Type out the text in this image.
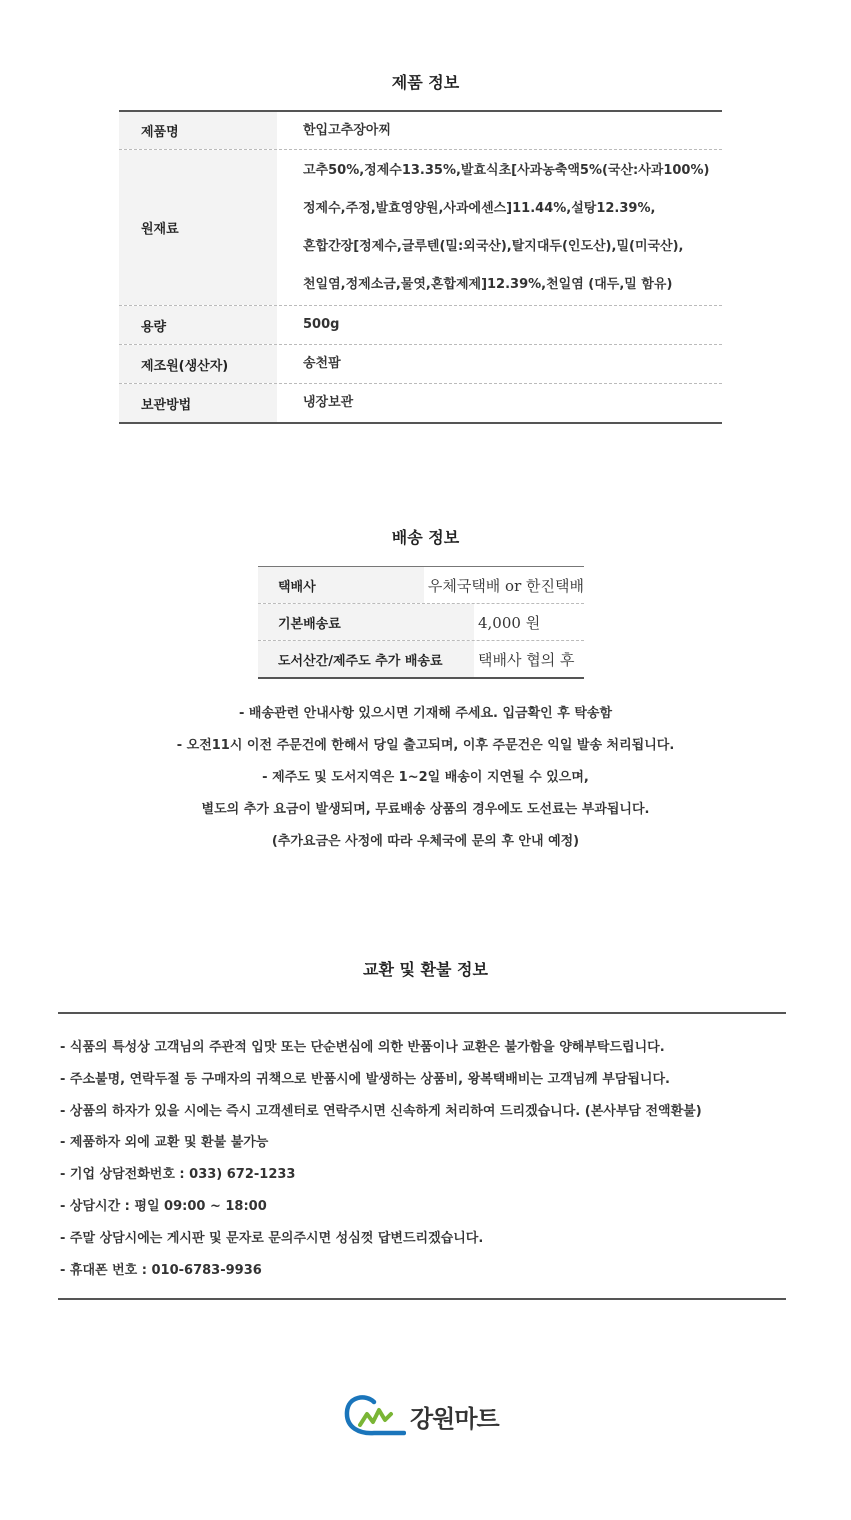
제품 정보
제품명	한입고추장아찌
원재료
고추50%,정제수13.35%,발효식초[사과농축액5%(국산:사과100%)
정제수,주정,발효영양원,사과에센스]11.44%,설탕12.39%,
혼합간장[정제수,글루텐(밀:외국산),탈지대두(인도산),밀(미국산),
천일염,정제소금,물엿,혼합제제]12.39%,천일염 (대두,밀 함유)
용량	500g
제조원(생산자)	송천팜
보관방법	냉장보관
배송 정보
택배사	우체국택배 or 한진택배
기본배송료	4,000 원
도서산간/제주도 추가 배송료	택배사 협의 후
- 배송관련 안내사항 있으시면 기재해 주세요. 입금확인 후 탁송함
- 오전11시 이전 주문건에 한해서 당일 출고되며, 이후 주문건은 익일 발송 처리됩니다.
- 제주도 및 도서지역은 1~2일 배송이 지연될 수 있으며,
별도의 추가 요금이 발생되며, 무료배송 상품의 경우에도 도선료는 부과됩니다.
(추가요금은 사정에 따라 우체국에 문의 후 안내 예정)
교환 및 환불 정보
- 식품의 특성상 고객님의 주관적 입맛 또는 단순변심에 의한 반품이나 교환은 불가함을 양해부탁드립니다.
- 주소불명, 연락두절 등 구매자의 귀책으로 반품시에 발생하는 상품비, 왕복택배비는 고객님께 부담됩니다.
- 상품의 하자가 있을 시에는 즉시 고객센터로 연락주시면 신속하게 처리하여 드리겠습니다. (본사부담 전액환불)
- 제품하자 외에 교환 및 환불 불가능
- 기업 상담전화번호 : 033) 672-1233
- 상담시간 : 평일 09:00 ~ 18:00
- 주말 상담시에는 게시판 및 문자로 문의주시면 성심껏 답변드리겠습니다.
- 휴대폰 번호 : 010-6783-9936
강원마트
